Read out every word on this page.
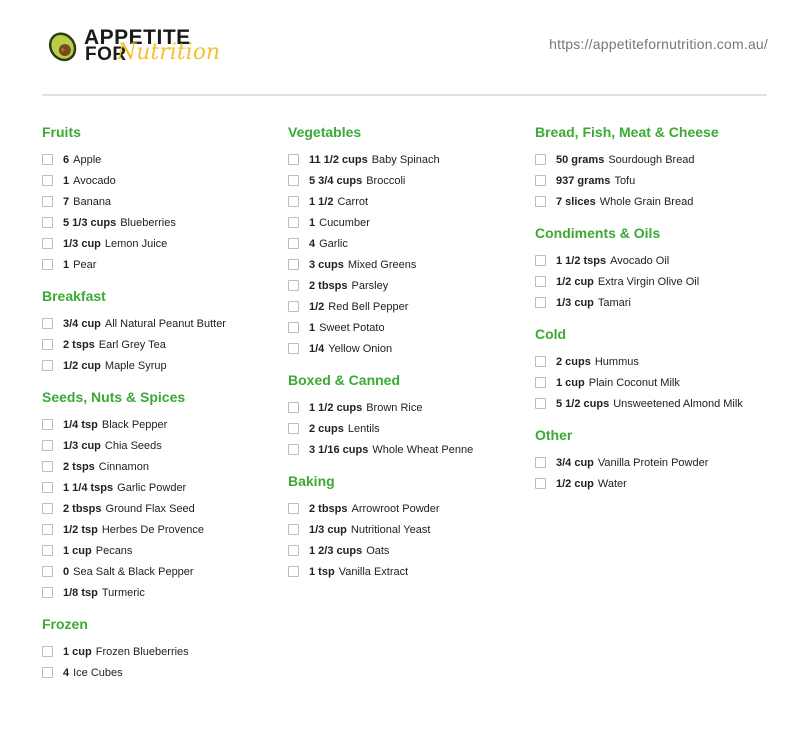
APPETITE
FOR
Nutrition	https://appetitefornutrition.com.au/
Fruits
6 Apple
1 Avocado
7 Banana
5 1/3 cups Blueberries
1/3 cup Lemon Juice
1 Pear
Breakfast
3/4 cup All Natural Peanut Butter
2 tsps Earl Grey Tea
1/2 cup Maple Syrup
Seeds, Nuts & Spices
1/4 tsp Black Pepper
1/3 cup Chia Seeds
2 tsps Cinnamon
1 1/4 tsps Garlic Powder
2 tbsps Ground Flax Seed
1/2 tsp Herbes De Provence
1 cup Pecans
0 Sea Salt & Black Pepper
1/8 tsp Turmeric
Frozen
1 cup Frozen Blueberries
4 Ice Cubes
Vegetables
11 1/2 cups Baby Spinach
5 3/4 cups Broccoli
1 1/2 Carrot
1 Cucumber
4 Garlic
3 cups Mixed Greens
2 tbsps Parsley
1/2 Red Bell Pepper
1 Sweet Potato
1/4 Yellow Onion
Boxed & Canned
1 1/2 cups Brown Rice
2 cups Lentils
3 1/16 cups Whole Wheat Penne
Baking
2 tbsps Arrowroot Powder
1/3 cup Nutritional Yeast
1 2/3 cups Oats
1 tsp Vanilla Extract
Bread, Fish, Meat & Cheese
50 grams Sourdough Bread
937 grams Tofu
7 slices Whole Grain Bread
Condiments & Oils
1 1/2 tsps Avocado Oil
1/2 cup Extra Virgin Olive Oil
1/3 cup Tamari
Cold
2 cups Hummus
1 cup Plain Coconut Milk
5 1/2 cups Unsweetened Almond Milk
Other
3/4 cup Vanilla Protein Powder
1/2 cup Water
